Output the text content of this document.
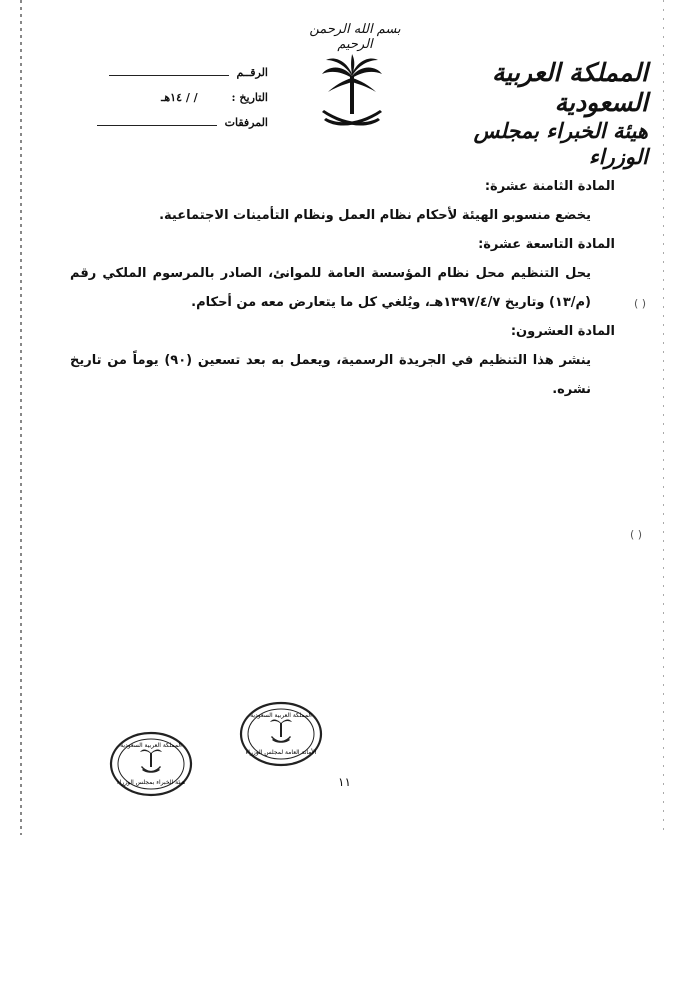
بسم الله الرحمن الرحيم
المملكة العربية السعودية
هيئة الخبراء بمجلس الوزراء
الرقــم
التاريخ : / / ١٤هـ
المرفقات

المادة الثامنة عشرة:

يخضع منسوبو الهيئة لأحكام نظام العمل ونظام التأمينات الاجتماعية.

المادة التاسعة عشرة:

يحل التنظيم محل نظام المؤسسة العامة للموانئ، الصادر بالمرسوم الملكي رقم (م/١٣) وتاريخ ١٣٩٧/٤/٧هـ، ويُلغي كل ما يتعارض معه من أحكام.

المادة العشرون:

ينشر هذا التنظيم في الجريدة الرسمية، ويعمل به بعد تسعين (٩٠) يوماً من تاريخ نشره.

( )
( )
١١
المملكة العربية السعودية
الأمانة العامة لمجلس الوزراء
المملكة العربية السعودية
هيئة الخبراء بمجلس الوزراء
